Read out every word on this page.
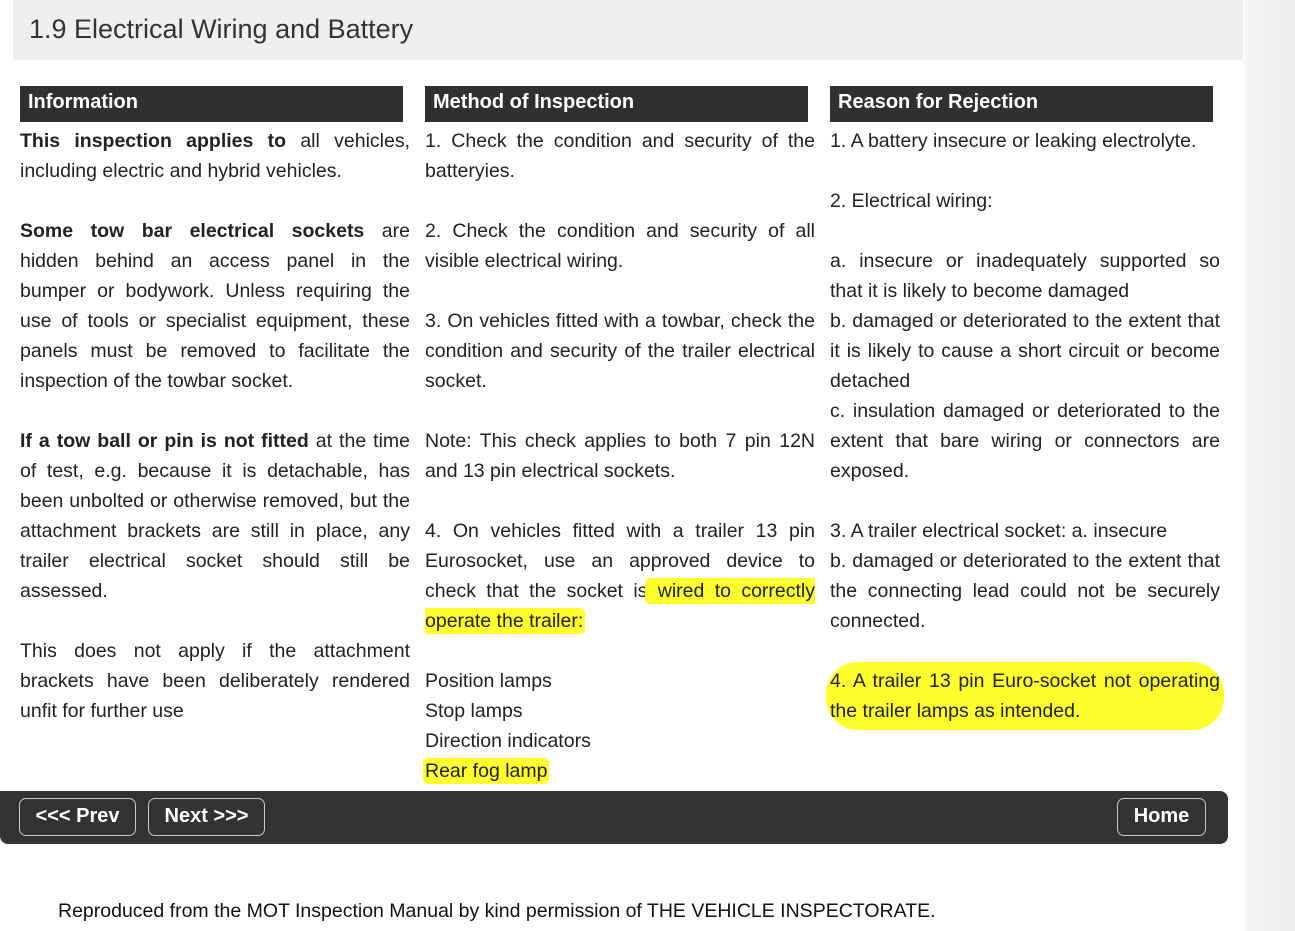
1.9 Electrical Wiring and Battery
Information

This inspection applies to all vehicles, including electric and hybrid vehicles.

Some tow bar electrical sockets are hidden behind an access panel in the bumper or bodywork. Unless requiring the use of tools or specialist equipment, these panels must be removed to facilitate the inspection of the towbar socket.

If a tow ball or pin is not fitted at the time of test, e.g. because it is detachable, has been unbolted or otherwise removed, but the attachment brackets are still in place, any trailer electrical socket should still be assessed.

This does not apply if the attachment brackets have been deliberately rendered unfit for further use

Method of Inspection

1. Check the condition and security of the batteryies.

2. Check the condition and security of all visible electrical wiring.

3. On vehicles fitted with a towbar, check the condition and security of the trailer electrical socket.

Note: This check applies to both 7 pin 12N and 13 pin electrical sockets.

4. On vehicles fitted with a trailer 13 pin Eurosocket, use an approved device to check that the socket is wired to correctly operate the trailer:

Position lamps

Stop lamps

Direction indicators

Rear fog lamp

Reason for Rejection

1. A battery insecure or leaking electrolyte.

2. Electrical wiring:

a. insecure or inadequately supported so that it is likely to become damaged

b. damaged or deteriorated to the extent that it is likely to cause a short circuit or become detached

c. insulation damaged or deteriorated to the extent that bare wiring or connectors are exposed.

3. A trailer electrical socket: a. insecure

b. damaged or deteriorated to the extent that the connecting lead could not be securely connected.

4. A trailer 13 pin Euro-socket not operating the trailer lamps as intended.

<<< Prev	Next >>>	Home
Reproduced from the MOT Inspection Manual by kind permission of THE VEHICLE INSPECTORATE.
